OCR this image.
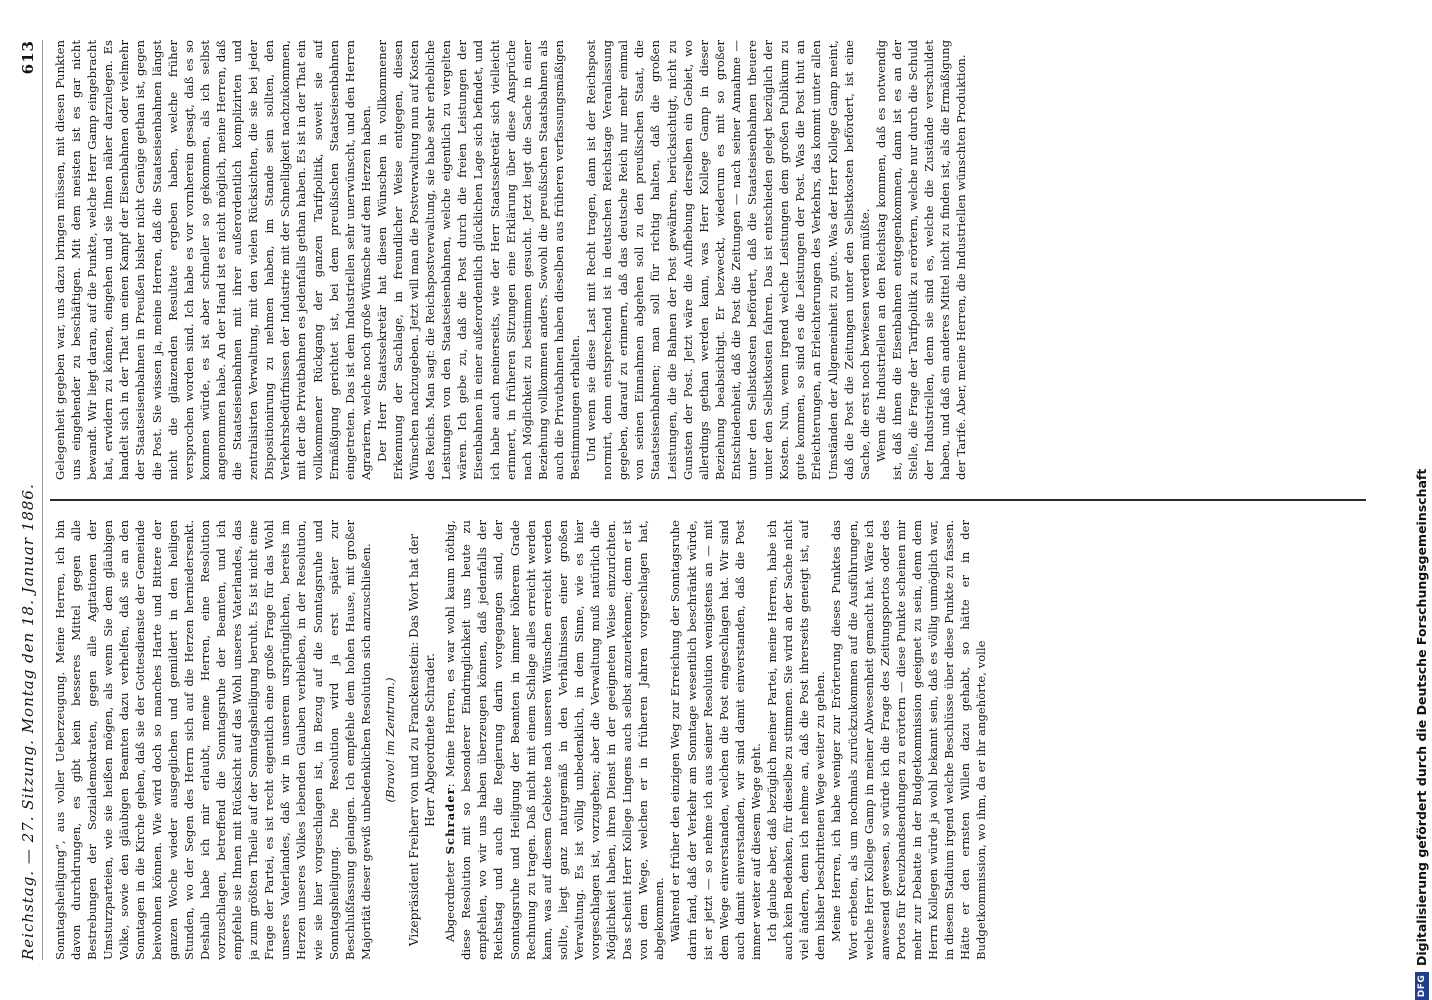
Reichstag. — 27. Sitzung. Montag den 18. Januar 1886.
613

Sonntagsheiligung“, aus voller Ueberzeugung. Meine Herren, ich bin davon durchdrungen, es gibt kein besseres Mittel gegen alle Bestrebungen der Sozialdemokraten, gegen alle Agitationen der Umsturzparteien, wie sie heißen mögen, als wenn Sie dem gläubigen Volke, sowie den gläubigen Beamten dazu verhelfen, daß sie an den Sonntagen in die Kirche gehen, daß sie der Gottesdienste der Gemeinde beiwohnen können. Wie wird doch so manches Harte und Bittere der ganzen Woche wieder ausgeglichen und gemildert in den heiligen Stunden, wo der Segen des Herrn sich auf die Herzen herniedersenkt. Deshalb habe ich mir erlaubt, meine Herren, eine Resolution vorzuschlagen, betreffend die Sonntagsruhe der Beamten, und ich empfehle sie Ihnen mit Rücksicht auf das Wohl unseres Vaterlandes, das ja zum größten Theile auf der Sonntagsheiligung beruht. Es ist nicht eine Frage der Partei, es ist recht eigentlich eine große Frage für das Wohl unseres Vaterlandes, daß wir in unserem ursprünglichen, bereits im Herzen unseres Volkes lebenden Glauben verbleiben, in der Resolution, wie sie hier vorgeschlagen ist, in Bezug auf die Sonntagsruhe und Sonntagsheiligung. Die Resolution wird ja erst später zur Beschlußfassung gelangen. Ich empfehle dem hohen Hause, mit großer Majorität dieser gewiß unbedenklichen Resolution sich anzuschließen. (Bravo! im Zentrum.) Vizepräsident Freiherr von und zu Franckenstein: Das Wort hat der Herr Abgeordnete Schrader.

Abgeordneter Schrader: Meine Herren, es war wohl kaum nöthig, diese Resolution mit so besonderer Eindringlichkeit uns heute zu empfehlen, wo wir uns haben überzeugen können, daß jedenfalls der Reichstag und auch die Regierung darin vorgegangen sind, der Sonntagsruhe und Heiligung der Beamten in immer höherem Grade Rechnung zu tragen. Daß nicht mit einem Schlage alles erreicht werden kann, was auf diesem Gebiete nach unseren Wünschen erreicht werden sollte, liegt ganz naturgemäß in den Verhältnissen einer großen Verwaltung. Es ist völlig unbedenklich, in dem Sinne, wie es hier vorgeschlagen ist, vorzugehen; aber die Verwaltung muß natürlich die Möglichkeit haben, ihren Dienst in der geeigneten Weise einzurichten. Das scheint Herr Kollege Lingens auch selbst anzuerkennen; denn er ist von dem Wege, welchen er in früheren Jahren vorgeschlagen hat, abgekommen. Während er früher den einzigen Weg zur Erreichung der Sonntagsruhe darin fand, daß der Verkehr am Sonntage wesentlich beschränkt würde, ist er jetzt — so nehme ich aus seiner Resolution wenigstens an — mit dem Wege einverstanden, welchen die Post eingeschlagen hat. Wir sind auch damit einverstanden, wir sind damit einverstanden, daß die Post immer weiter auf diesem Wege geht. Ich glaube aber, daß bezüglich meiner Partei, meine Herren, habe ich auch kein Bedenken, für dieselbe zu stimmen. Sie wird an der Sache nicht viel ändern, denn ich nehme an, daß die Post ihrerseits geneigt ist, auf dem bisher beschrittenen Wege weiter zu gehen. Meine Herren, ich habe weniger zur Erörterung dieses Punktes das Wort erbeten, als um nochmals zurückzukommen auf die Ausführungen, welche Herr Kollege Gamp in meiner Abwesenheit gemacht hat. Wäre ich anwesend gewesen, so würde ich die Frage des Zeitungsportos oder des Portos für Kreuzbandsendungen zu erörtern — diese Punkte scheinen mir mehr zur Debatte in der Budgetkommission geeignet zu sein, denn dem Herrn Kollegen würde ja wohl bekannt sein, daß es völlig unmöglich war, in diesem Stadium irgend welche Beschlüsse über diese Punkte zu fassen. Hätte er den ernsten Willen dazu gehabt, so hätte er in der Budgetkommission, wo ihm, da er ihr angehörte, volle

Gelegenheit gegeben war, uns dazu bringen müssen, mit diesen Punkten uns eingehender zu beschäftigen. Mit dem meisten ist es gar nicht bewandt. Wir liegt daran, auf die Punkte, welche Herr Gamp eingebracht hat, erwidern zu können, eingehen und sie Ihnen näher darzulegen. Es handelt sich in der That um einen Kampf der Eisenbahnen oder vielmehr der Staatseisenbahnen in Preußen bisher nicht Genüge gethan ist, gegen die Post. Sie wissen ja, meine Herren, daß die Staatseisenbahnen längst nicht die glänzenden Resultate ergeben haben, welche früher versprochen worden sind. Ich habe es vor vornherein gesagt, daß es so kommen würde, es ist aber schneller so gekommen, als ich selbst angenommen habe. An der Hand ist es nicht möglich, meine Herren, daß die Staatseisenbahnen mit ihrer außerordentlich komplizirten und zentralisirten Verwaltung, mit den vielen Rücksichten, die sie bei jeder Dispositionirung zu nehmen haben, im Stande sein sollten, den Verkehrsbedürfnissen der Industrie mit der Schnelligkeit nachzukommen, mit der die Privatbahnen es jedenfalls gethan haben. Es ist in der That ein vollkommener Rückgang der ganzen Tarifpolitik, soweit sie auf Ermäßigung gerichtet ist, bei dem preußischen Staatseisenbahnen eingetreten. Das ist dem Industriellen sehr unerwünscht, und den Herren Agrariern, welche noch große Wünsche auf dem Herzen haben. Der Herr Staatssekretär hat diesen Wünschen in vollkommener Erkennung der Sachlage, in freundlicher Weise entgegen, diesen Wünschen nachzugeben. Jetzt will man die Postverwaltung nun auf Kosten des Reichs. Man sagt: die Reichspostverwaltung, sie habe sehr erhebliche Leistungen von den Staatseisenbahnen, welche eigentlich zu vergelten wären. Ich gebe zu, daß die Post durch die freien Leistungen der Eisenbahnen in einer außerordentlich glücklichen Lage sich befindet, und ich habe auch meinerseits, wie der Herr Staatssekretär sich vielleicht erinnert, in früheren Sitzungen eine Erklärung über diese Ansprüche nach Möglichkeit zu bestimmen gesucht. Jetzt liegt die Sache in einer Beziehung vollkommen anders. Sowohl die preußischen Staatsbahnen als auch die Privatbahnen haben dieselben aus früheren verfassungsmäßigen Bestimmungen erhalten. Und wenn sie diese Last mit Recht tragen, dann ist der Reichspost normirt, denn entsprechend ist in deutschen Reichstage Veranlassung gegeben, darauf zu erinnern, daß das deutsche Reich nur mehr einmal von seinen Einnahmen abgehen soll zu den preußischen Staat, die Staatseisenbahnen; man soll für richtig halten, daß die großen Leistungen, die die Bahnen der Post gewähren, berücksichtigt, nicht zu Gunsten der Post. Jetzt wäre die Aufhebung derselben ein Gebiet, wo allerdings gethan werden kann, was Herr Kollege Gamp in dieser Beziehung beabsichtigt. Er bezweckt, wiederum es mit so großer Entschiedenheit, daß die Post die Zeitungen — nach seiner Annahme — unter den Selbstkosten befördert, daß die Staatseisenbahnen theuere unter den Selbstkosten fahren. Das ist entschieden gelegt bezüglich der Kosten. Nun, wenn irgend welche Leistungen dem großen Publikum zu gute kommen, so sind es die Leistungen der Post. Was die Post thut an Erleichterungen, an Erleichterungen des Verkehrs, das kommt unter allen Umständen der Allgemeinheit zu gute. Was der Herr Kollege Gamp meint, daß die Post die Zeitungen unter den Selbstkosten befördert, ist eine Sache, die erst noch bewiesen werden müßte. Wenn die Industriellen an den Reichstag kommen, daß es notwendig ist, daß ihnen die Eisenbahnen entgegenkommen, dann ist es an der Stelle, die Frage der Tarifpolitik zu erörtern, welche nur durch die Schuld der Industriellen, denn sie sind es, welche die Zustände verschuldet haben, und daß ein anderes Mittel nicht zu finden ist, als die Ermäßigung der Tarife. Aber, meine Herren, die Industriellen wünschten Produktion.

DFG
Digitalisierung gefördert durch die Deutsche Forschungsgemeinschaft
